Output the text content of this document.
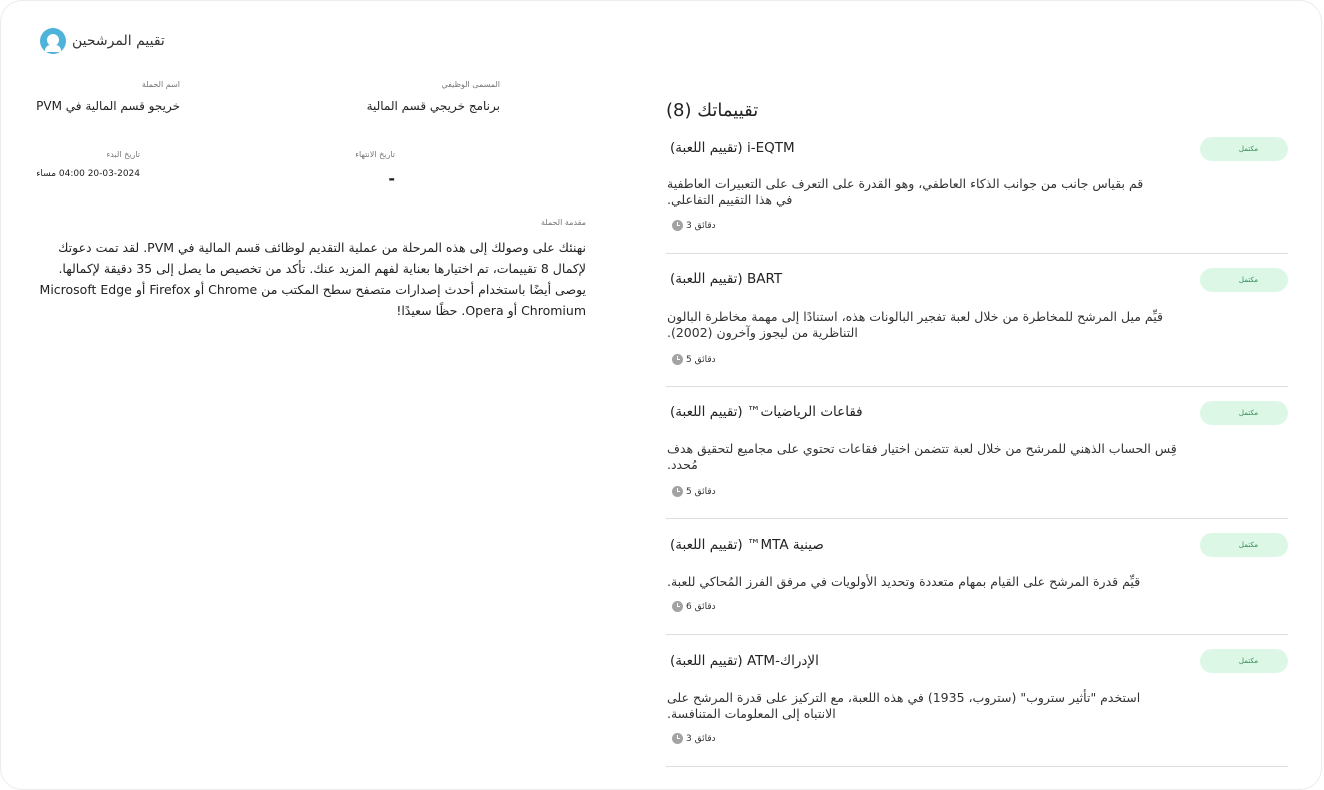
تقييم المرشحين
اسم الحملة
خريجو قسم المالية في PVM
المسمى الوظيفي
برنامج خريجي قسم المالية
تاريخ البدء
20-03-2024 04:00 مساء
تاريخ الانتهاء
-
مقدمة الحملة
نهنئك على وصولك إلى هذه المرحلة من عملية التقديم لوظائف قسم المالية في PVM. لقد تمت دعوتك لإكمال 8 تقييمات، تم اختيارها بعناية لفهم المزيد عنك. تأكد من تخصيص ما يصل إلى 35 دقيقة لإكمالها. يوصى أيضًا باستخدام أحدث إصدارات متصفح سطح المكتب من Chrome أو Firefox أو Microsoft Edge Chromium أو Opera. حظًا سعيدًا!
تقييماتك (8)
مكتمل
i-EQTM (تقييم اللعبة)
قم بقياس جانب من جوانب الذكاء العاطفي، وهو القدرة على التعرف على التعبيرات العاطفية
في هذا التقييم التفاعلي.
3 دقائق
مكتمل
BART (تقييم اللعبة)
قيِّم ميل المرشح للمخاطرة من خلال لعبة تفجير البالونات هذه، استنادًا إلى مهمة مخاطرة البالون
التناظرية من ليجوز وآخرون (2002).
5 دقائق
مكتمل
فقاعات الرياضيات™ (تقييم اللعبة)
قِس الحساب الذهني للمرشح من خلال لعبة تتضمن اختيار فقاعات تحتوي على مجاميع لتحقيق هدف
مُحدد.
5 دقائق
مكتمل
صينية MTA™ (تقييم اللعبة)
قيِّم قدرة المرشح على القيام بمهام متعددة وتحديد الأولويات في مرفق الفرز المُحاكي للعبة.
6 دقائق
مكتمل
الإدراك-ATM (تقييم اللعبة)
استخدم "تأثير ستروب" (ستروب، 1935) في هذه اللعبة، مع التركيز على قدرة المرشح على
الانتباه إلى المعلومات المتنافسة.
3 دقائق
